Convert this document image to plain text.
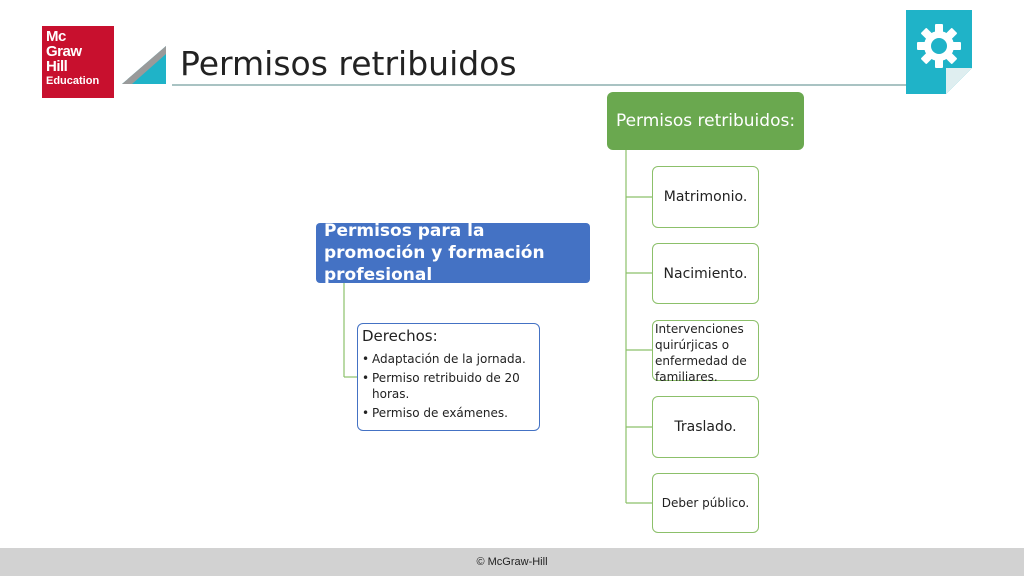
Mc
Graw
Hill
Education	Permisos retribuidos
Permisos retribuidos:
Matrimonio.
Nacimiento.
Intervenciones quirúrjicas o enfermedad de familiares.
Traslado.
Deber público.
Permisos para la promoción y formación profesional
Derechos:
• Adaptación de la jornada.
• Permiso retribuido de 20 horas.
• Permiso de exámenes.
© McGraw-Hill
